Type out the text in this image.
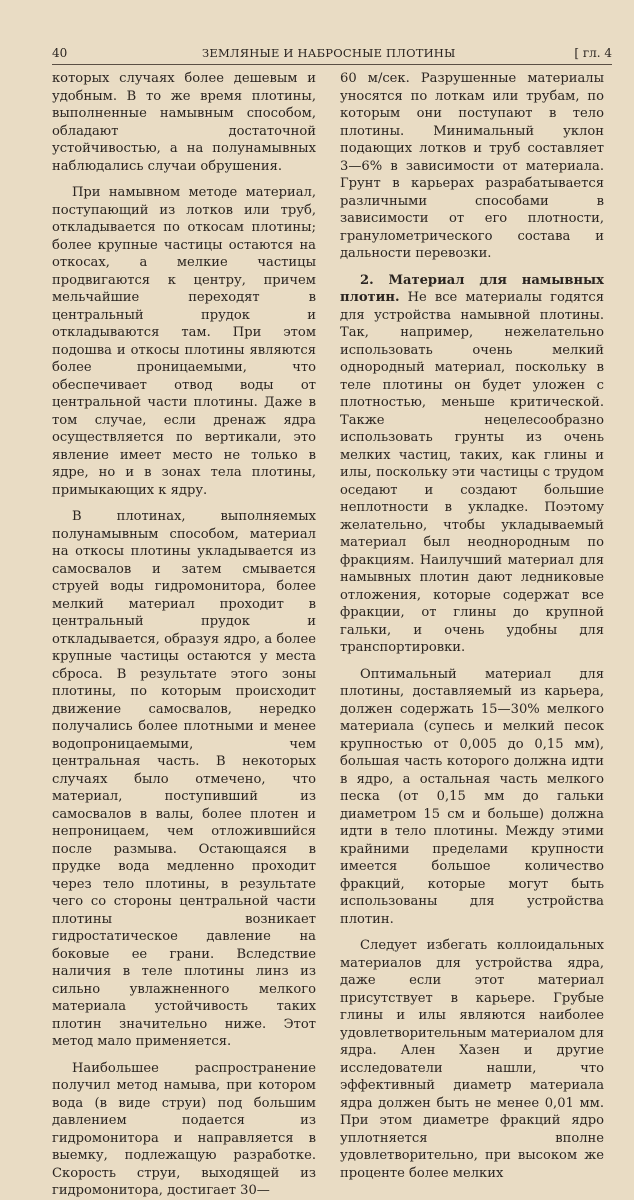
40	ЗЕМЛЯНЫЕ И НАБРОСНЫЕ ПЛОТИНЫ	[ гл. 4

которых случаях более дешевым и удобным. В то же время плотины, выполненные намывным способом, обладают достаточной устойчивостью, а на полунамывных наблюдались случаи обрушения.

При намывном методе материал, поступающий из лотков или труб, откладывается по откосам плотины; более крупные частицы остаются на откосах, а мелкие частицы продвигаются к центру, причем мельчайшие переходят в центральный прудок и откладываются там. При этом подошва и откосы плотины являются более проницаемыми, что обеспечивает отвод воды от центральной части плотины. Даже в том случае, если дренаж ядра осуществляется по вертикали, это явление имеет место не только в ядре, но и в зонах тела плотины, примыкающих к ядру.

В плотинах, выполняемых полунамывным способом, материал на откосы плотины укладывается из самосвалов и затем смывается струей воды гидромонитора, более мелкий материал проходит в центральный прудок и откладывается, образуя ядро, а более крупные частицы остаются у места сброса. В результате этого зоны плотины, по которым происходит движение самосвалов, нередко получались более плотными и менее водопроницаемыми, чем центральная часть. В некоторых случаях было отмечено, что материал, поступивший из самосвалов в валы, более плотен и непроницаем, чем отложившийся после размыва. Остающаяся в прудке вода медленно проходит через тело плотины, в результате чего со стороны центральной части плотины возникает гидростатическое давление на боковые ее грани. Вследствие наличия в теле плотины линз из сильно увлажненного мелкого материала устойчивость таких плотин значительно ниже. Этот метод мало применяется.

Наибольшее распространение получил метод намыва, при котором вода (в виде струи) под большим давлением подается из гидромонитора и направляется в выемку, подлежащую разработке. Скорость струи, выходящей из гидромонитора, достигает 30—

60 м/сек. Разрушенные материалы уносятся по лоткам или трубам, по которым они поступают в тело плотины. Минимальный уклон подающих лотков и труб составляет 3—6% в зависимости от материала. Грунт в карьерах разрабатывается различными способами в зависимости от его плотности, гранулометрического состава и дальности перевозки.

2. Материал для намывных плотин. Не все материалы годятся для устройства намывной плотины. Так, например, нежелательно использовать очень мелкий однородный материал, поскольку в теле плотины он будет уложен с плотностью, меньше критической. Также нецелесообразно использовать грунты из очень мелких частиц, таких, как глины и илы, поскольку эти частицы с трудом оседают и создают большие неплотности в укладке. Поэтому желательно, чтобы укладываемый материал был неоднородным по фракциям. Наилучший материал для намывных плотин дают ледниковые отложения, которые содержат все фракции, от глины до крупной гальки, и очень удобны для транспортировки.

Оптимальный материал для плотины, доставляемый из карьера, должен содержать 15—30% мелкого материала (супесь и мелкий песок крупностью от 0,005 до 0,15 мм), большая часть которого должна идти в ядро, а остальная часть мелкого песка (от 0,15 мм до гальки диаметром 15 см и больше) должна идти в тело плотины. Между этими крайними пределами крупности имеется большое количество фракций, которые могут быть использованы для устройства плотин.

Следует избегать коллоидальных материалов для устройства ядра, даже если этот материал присутствует в карьере. Грубые глины и илы являются наиболее удовлетворительным материалом для ядра. Ален Хазен и другие исследователи нашли, что эффективный диаметр материала ядра должен быть не менее 0,01 мм. При этом диаметре фракций ядро уплотняется вполне удовлетворительно, при высоком же проценте более мелких
